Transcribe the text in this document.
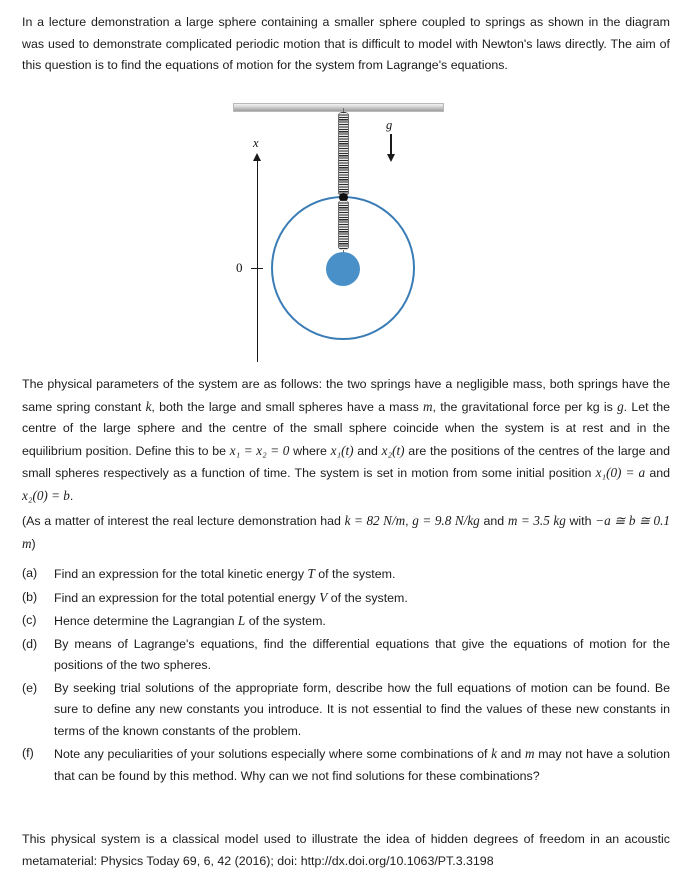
In a lecture demonstration a large sphere containing a smaller sphere coupled to springs as shown in the diagram was used to demonstrate complicated periodic motion that is difficult to model with Newton's laws directly. The aim of this question is to find the equations of motion for the system from Lagrange's equations.
x
0
g
The physical parameters of the system are as follows: the two springs have a negligible mass, both springs have the same spring constant k, both the large and small spheres have a mass m, the gravitational force per kg is g. Let the centre of the large sphere and the centre of the small sphere coincide when the system is at rest and in the equilibrium position. Define this to be x₁ = x₂ = 0 where x₁(t) and x₂(t) are the positions of the centres of the large and small spheres respectively as a function of time. The system is set in motion from some initial position x₁(0) = a and x₂(0) = b.
(As a matter of interest the real lecture demonstration had k = 82 N/m, g = 9.8 N/kg and m = 3.5 kg with −a ≅ b ≅ 0.1 m)
(a)	Find an expression for the total kinetic energy T of the system.
(b)	Find an expression for the total potential energy V of the system.
(c)	Hence determine the Lagrangian L of the system.
(d)	By means of Lagrange's equations, find the differential equations that give the equations of motion for the positions of the two spheres.
(e)	By seeking trial solutions of the appropriate form, describe how the full equations of motion can be found. Be sure to define any new constants you introduce. It is not essential to find the values of these new constants in terms of the known constants of the problem.
(f)	Note any peculiarities of your solutions especially where some combinations of k and m may not have a solution that can be found by this method. Why can we not find solutions for these combinations?
This physical system is a classical model used to illustrate the idea of hidden degrees of freedom in an acoustic metamaterial: Physics Today 69, 6, 42 (2016); doi: http://dx.doi.org/10.1063/PT.3.3198
